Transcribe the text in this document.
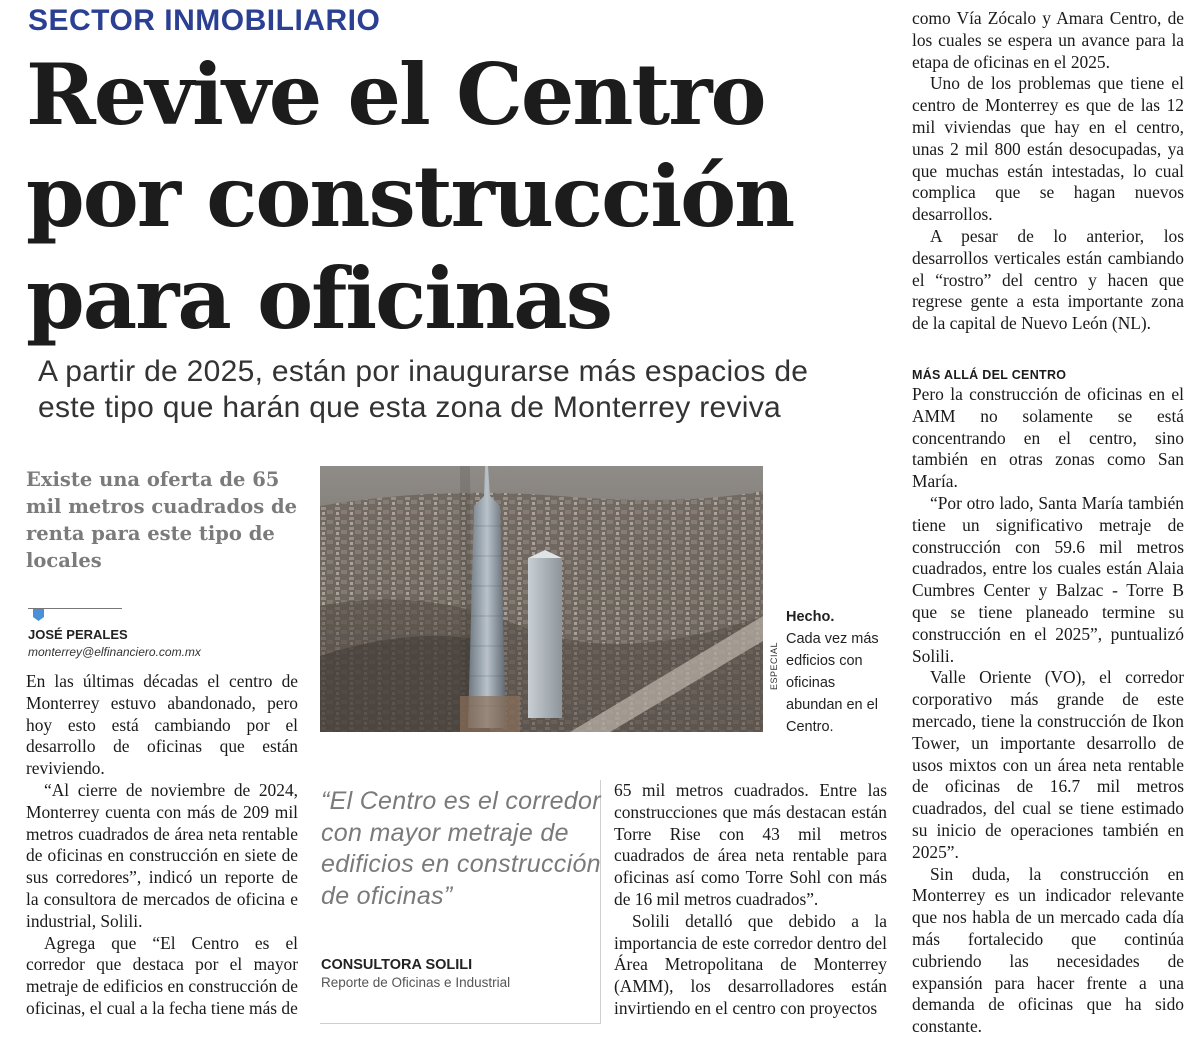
SECTOR INMOBILIARIO
Revive el Centro
por construcción
para oficinas
A partir de 2025, están por inaugurarse más espacios de este tipo que harán que esta zona de Monterrey reviva
Existe una oferta de 65 mil metros cuadrados de renta para este tipo de locales
JOSÉ PERALES
monterrey@elfinanciero.com.mx

En las últimas décadas el centro de Monterrey estuvo abandonado, pero hoy esto está cambiando por el desarrollo de oficinas que están reviviendo.

“Al cierre de noviembre de 2024, Monterrey cuenta con más de 209 mil metros cuadrados de área neta rentable de oficinas en construcción en siete de sus corredores”, indicó un reporte de la consultora de mercados de oficina e industrial, Solili.

Agrega que “El Centro es el corredor que destaca por el mayor metraje de edificios en construcción de oficinas, el cual a la fecha tiene más de

ESPECIAL
Hecho.
Cada vez más edficios con oficinas abundan en el Centro.
“El Centro es el corredor con mayor metraje de edificios en construcción de oficinas”
CONSULTORA SOLILI
Reporte de Oficinas e Industrial

65 mil metros cuadrados. Entre las construcciones que más destacan están Torre Rise con 43 mil metros cuadrados de área neta rentable para oficinas así como Torre Sohl con más de 16 mil metros cuadrados”.

Solili detalló que debido a la importancia de este corredor dentro del Área Metropolitana de Monterrey (AMM), los desarrolladores están invirtiendo en el centro con proyectos

como Vía Zócalo y Amara Centro, de los cuales se espera un avance para la etapa de oficinas en el 2025.

Uno de los problemas que tiene el centro de Monterrey es que de las 12 mil viviendas que hay en el centro, unas 2 mil 800 están desocupadas, ya que muchas están intestadas, lo cual complica que se hagan nuevos desarrollos.

A pesar de lo anterior, los desarrollos verticales están cambiando el “rostro” del centro y hacen que regrese gente a esta importante zona de la capital de Nuevo León (NL).

MÁS ALLÁ DEL CENTRO

Pero la construcción de oficinas en el AMM no solamente se está concentrando en el centro, sino también en otras zonas como San María.

“Por otro lado, Santa María también tiene un significativo metraje de construcción con 59.6 mil metros cuadrados, entre los cuales están Alaia Cumbres Center y Balzac - Torre B que se tiene planeado termine su construcción en el 2025”, puntualizó Solili.

Valle Oriente (VO), el corredor corporativo más grande de este mercado, tiene la construcción de Ikon Tower, un importante desarrollo de usos mixtos con un área neta rentable de oficinas de 16.7 mil metros cuadrados, del cual se tiene estimado su inicio de operaciones también en 2025”.

Sin duda, la construcción en Monterrey es un indicador relevante que nos habla de un mercado cada día más fortalecido que continúa cubriendo las necesidades de expansión para hacer frente a una demanda de oficinas que ha sido constante.
